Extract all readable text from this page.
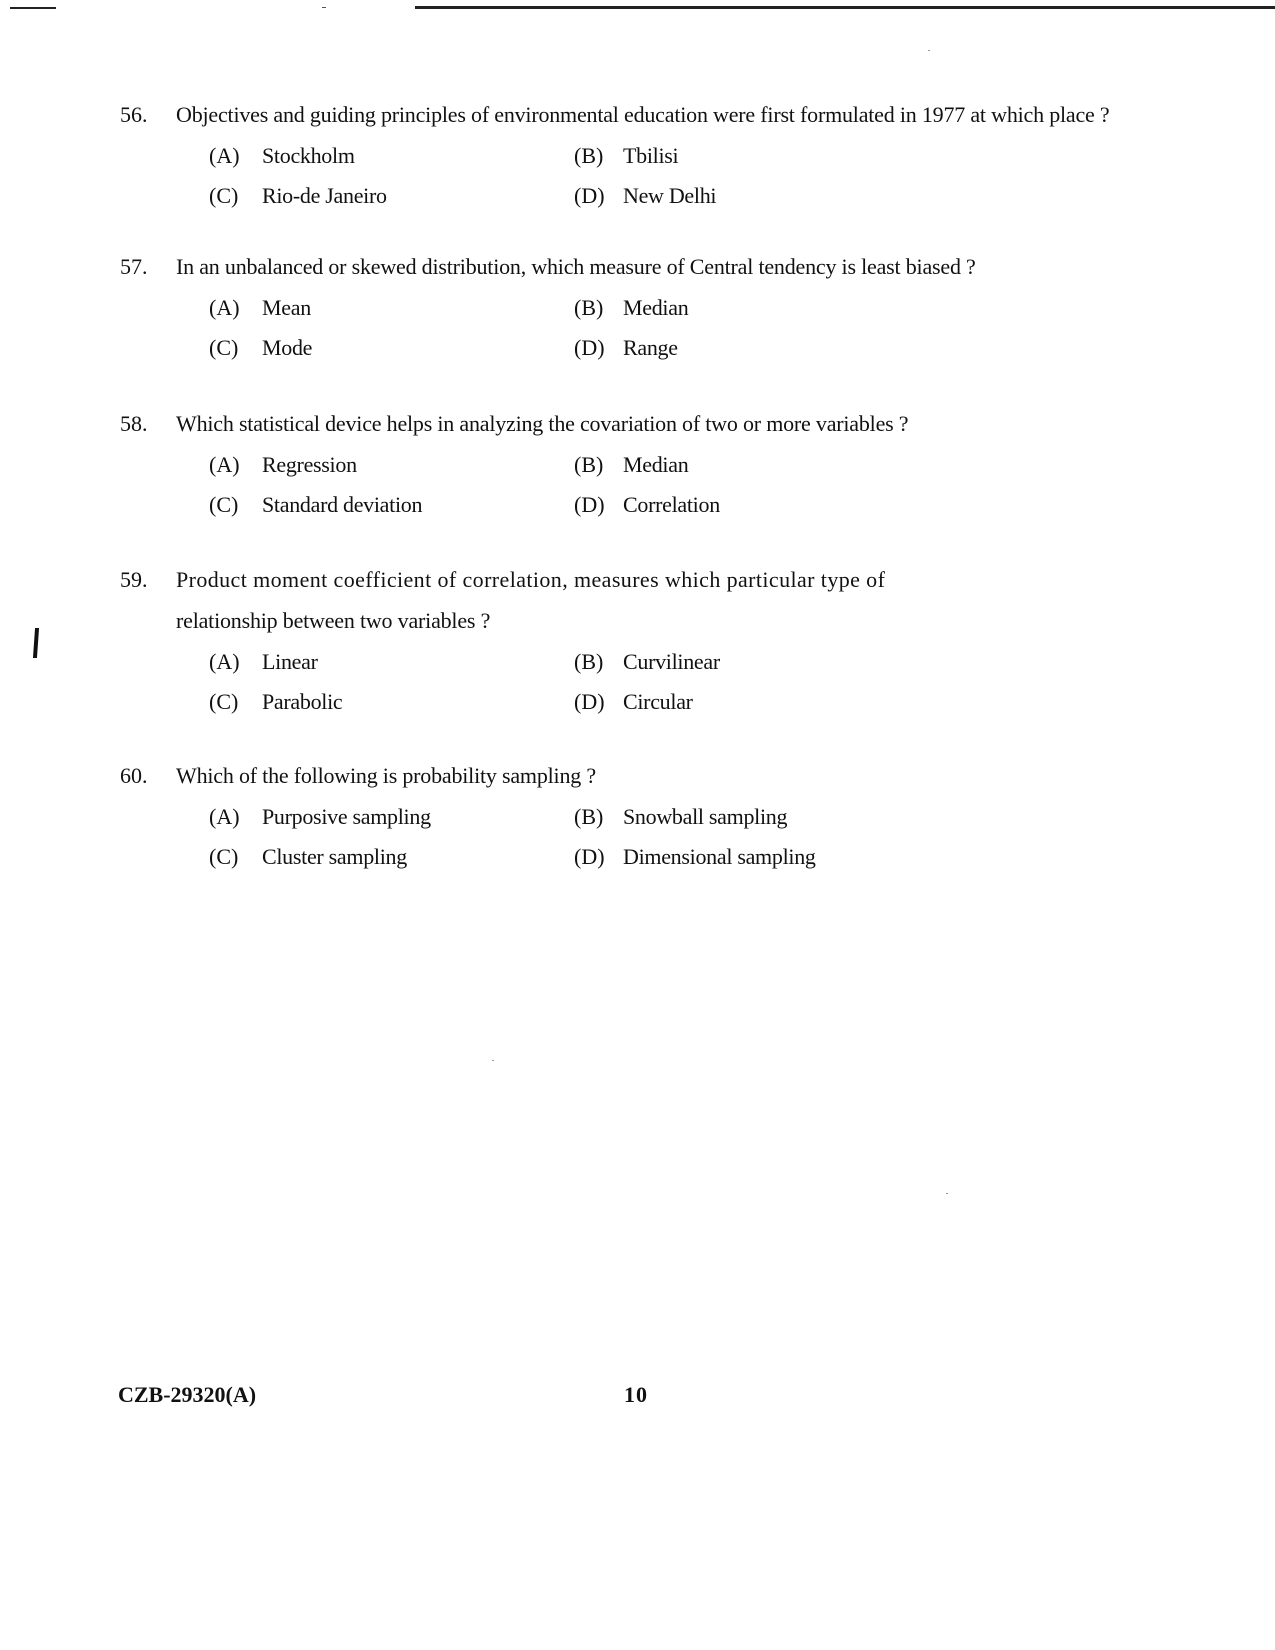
56. Objectives and guiding principles of environmental education were first formulated in 1977 at which place ?
(A) Stockholm	(B) Tbilisi
(C) Rio-de Janeiro	(D) New Delhi
57. In an unbalanced or skewed distribution, which measure of Central tendency is least biased ?
(A) Mean	(B) Median
(C) Mode	(D) Range
58. Which statistical device helps in analyzing the covariation of two or more variables ?
(A) Regression	(B) Median
(C) Standard deviation	(D) Correlation
59. Product moment coefficient of correlation, measures which particular type of
relationship between two variables ?
(A) Linear	(B) Curvilinear
(C) Parabolic	(D) Circular
60. Which of the following is probability sampling ?
(A) Purposive sampling	(B) Snowball sampling
(C) Cluster sampling	(D) Dimensional sampling
CZB-29320(A)	10
